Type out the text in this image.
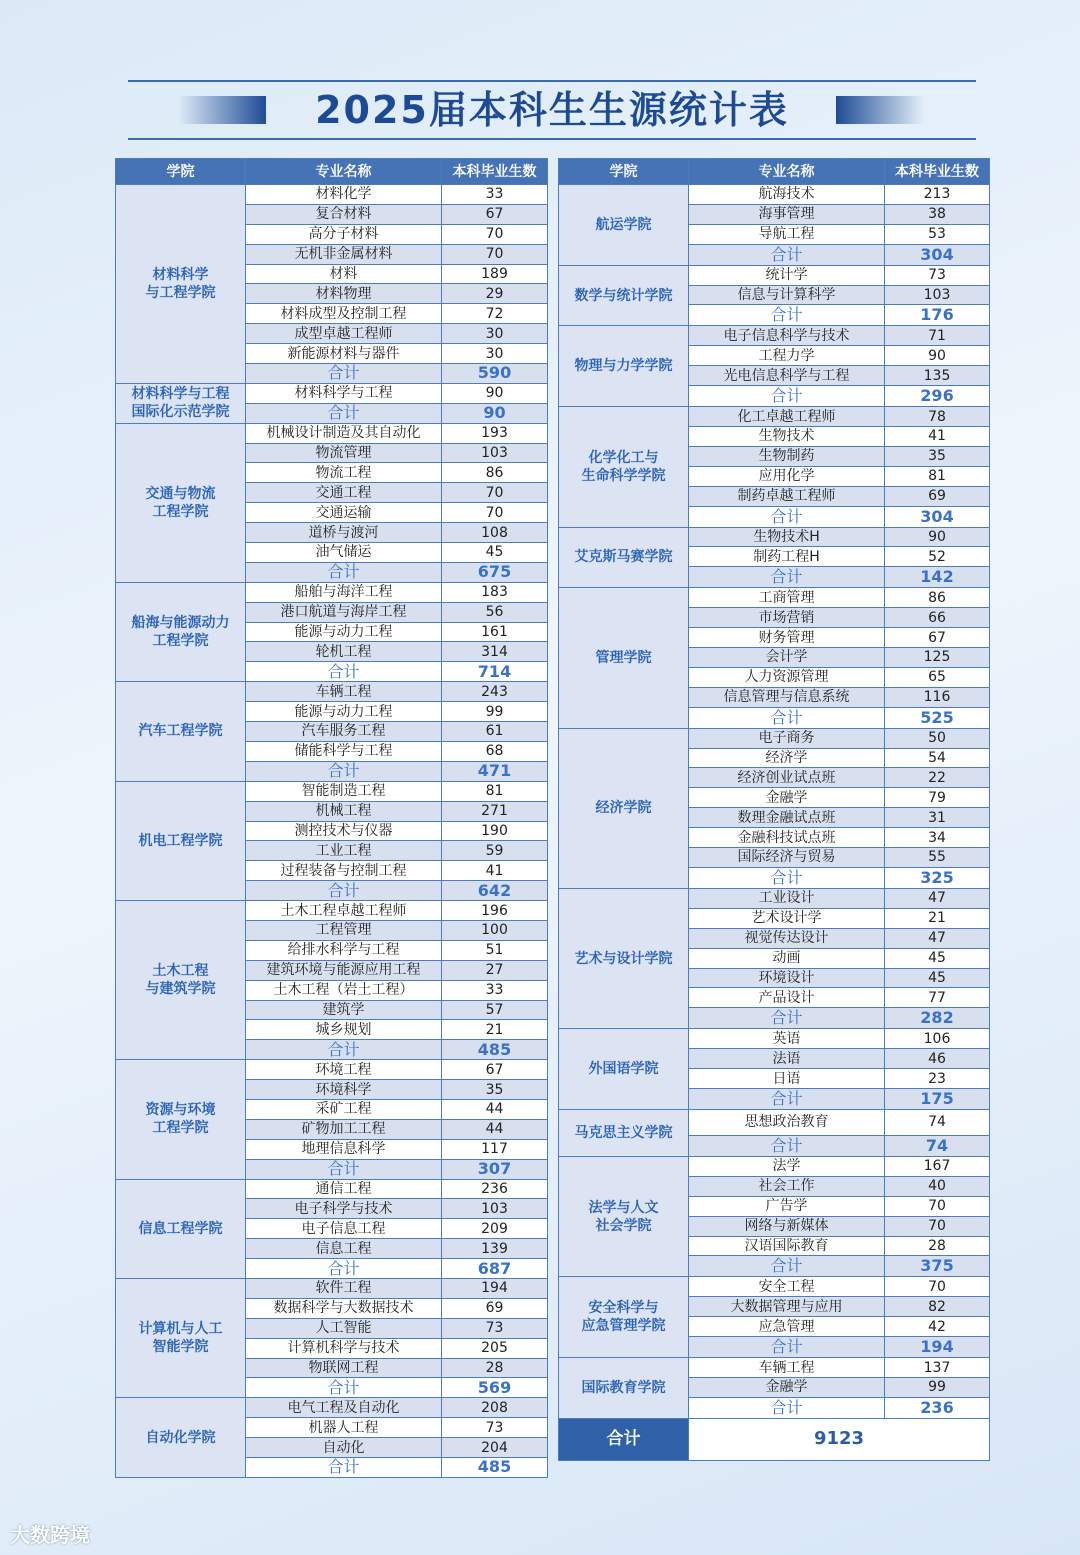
2025届本科生生源统计表
学院	专业名称	本科毕业生数
材料科学
与工程学院	材料化学	33
	复合材料	67
	高分子材料	70
	无机非金属材料	70
	材料	189
	材料物理	29
	材料成型及控制工程	72
	成型卓越工程师	30
	新能源材料与器件	30
	合计	590
材料科学与工程
国际化示范学院	材料科学与工程	90
	合计	90
交通与物流
工程学院	机械设计制造及其自动化	193
	物流管理	103
	物流工程	86
	交通工程	70
	交通运输	70
	道桥与渡河	108
	油气储运	45
	合计	675
船海与能源动力
工程学院	船舶与海洋工程	183
	港口航道与海岸工程	56
	能源与动力工程	161
	轮机工程	314
	合计	714
汽车工程学院	车辆工程	243
	能源与动力工程	99
	汽车服务工程	61
	储能科学与工程	68
	合计	471
机电工程学院	智能制造工程	81
	机械工程	271
	测控技术与仪器	190
	工业工程	59
	过程装备与控制工程	41
	合计	642
土木工程
与建筑学院	土木工程卓越工程师	196
	工程管理	100
	给排水科学与工程	51
	建筑环境与能源应用工程	27
	土木工程（岩土工程）	33
	建筑学	57
	城乡规划	21
	合计	485
资源与环境
工程学院	环境工程	67
	环境科学	35
	采矿工程	44
	矿物加工工程	44
	地理信息科学	117
	合计	307
信息工程学院	通信工程	236
	电子科学与技术	103
	电子信息工程	209
	信息工程	139
	合计	687
计算机与人工
智能学院	软件工程	194
	数据科学与大数据技术	69
	人工智能	73
	计算机科学与技术	205
	物联网工程	28
	合计	569
自动化学院	电气工程及自动化	208
	机器人工程	73
	自动化	204
	合计	485
学院	专业名称	本科毕业生数
航运学院	航海技术	213
	海事管理	38
	导航工程	53
	合计	304
数学与统计学院	统计学	73
	信息与计算科学	103
	合计	176
物理与力学学院	电子信息科学与技术	71
	工程力学	90
	光电信息科学与工程	135
	合计	296
化学化工与
生命科学学院	化工卓越工程师	78
	生物技术	41
	生物制药	35
	应用化学	81
	制药卓越工程师	69
	合计	304
艾克斯马赛学院	生物技术H	90
	制药工程H	52
	合计	142
管理学院	工商管理	86
	市场营销	66
	财务管理	67
	会计学	125
	人力资源管理	65
	信息管理与信息系统	116
	合计	525
经济学院	电子商务	50
	经济学	54
	经济创业试点班	22
	金融学	79
	数理金融试点班	31
	金融科技试点班	34
	国际经济与贸易	55
	合计	325
艺术与设计学院	工业设计	47
	艺术设计学	21
	视觉传达设计	47
	动画	45
	环境设计	45
	产品设计	77
	合计	282
外国语学院	英语	106
	法语	46
	日语	23
	合计	175
马克思主义学院	思想政治教育	74
	合计	74
法学与人文
社会学院	法学	167
	社会工作	40
	广告学	70
	网络与新媒体	70
	汉语国际教育	28
	合计	375
安全科学与
应急管理学院	安全工程	70
	大数据管理与应用	82
	应急管理	42
	合计	194
国际教育学院	车辆工程	137
	金融学	99
	合计	236
合计	9123	
大数跨境
